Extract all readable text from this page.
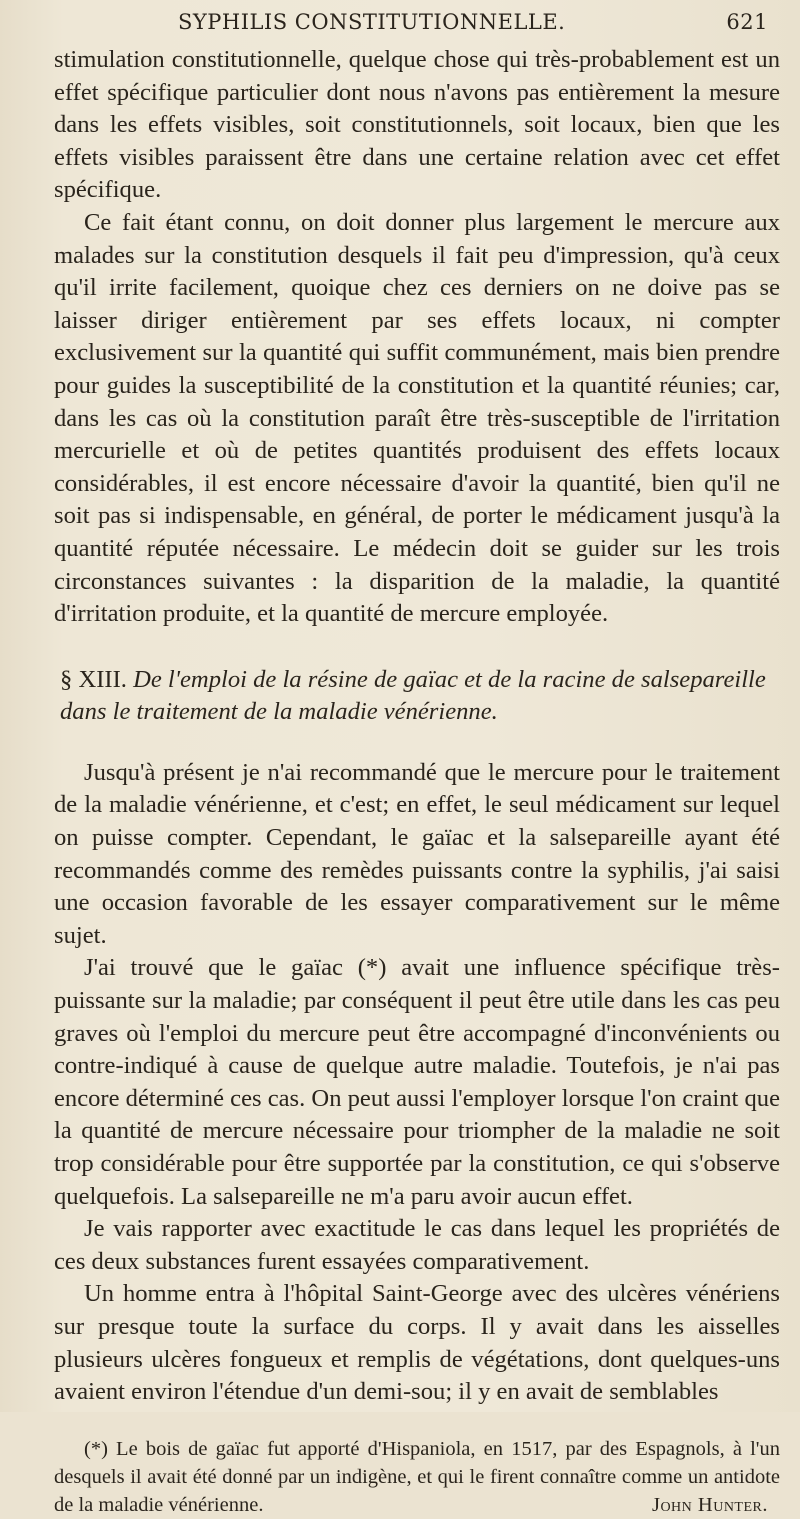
SYPHILIS CONSTITUTIONNELLE.	621

stimulation constitutionnelle, quelque chose qui très-probablement est un effet spécifique particulier dont nous n'avons pas entièrement la mesure dans les effets visibles, soit constitutionnels, soit locaux, bien que les effets visibles paraissent être dans une certaine relation avec cet effet spécifique.

Ce fait étant connu, on doit donner plus largement le mercure aux malades sur la constitution desquels il fait peu d'impression, qu'à ceux qu'il irrite facilement, quoique chez ces derniers on ne doive pas se laisser diriger entièrement par ses effets locaux, ni compter exclusivement sur la quantité qui suffit communément, mais bien prendre pour guides la susceptibilité de la constitution et la quantité réunies; car, dans les cas où la constitution paraît être très-susceptible de l'irritation mercurielle et où de petites quantités produisent des effets locaux considérables, il est encore nécessaire d'avoir la quantité, bien qu'il ne soit pas si indispensable, en général, de porter le médicament jusqu'à la quantité réputée nécessaire. Le médecin doit se guider sur les trois circonstances suivantes : la disparition de la maladie, la quantité d'irritation produite, et la quantité de mercure employée.

§ XIII. De l'emploi de la résine de gaïac et de la racine de salsepareille dans le traitement de la maladie vénérienne.

Jusqu'à présent je n'ai recommandé que le mercure pour le traitement de la maladie vénérienne, et c'est; en effet, le seul médicament sur lequel on puisse compter. Cependant, le gaïac et la salsepareille ayant été recommandés comme des remèdes puissants contre la syphilis, j'ai saisi une occasion favorable de les essayer comparativement sur le même sujet.

J'ai trouvé que le gaïac (*) avait une influence spécifique très-puissante sur la maladie; par conséquent il peut être utile dans les cas peu graves où l'emploi du mercure peut être accompagné d'inconvénients ou contre-indiqué à cause de quelque autre maladie. Toutefois, je n'ai pas encore déterminé ces cas. On peut aussi l'employer lorsque l'on craint que la quantité de mercure nécessaire pour triompher de la maladie ne soit trop considérable pour être supportée par la constitution, ce qui s'observe quelquefois. La salsepareille ne m'a paru avoir aucun effet.

Je vais rapporter avec exactitude le cas dans lequel les propriétés de ces deux substances furent essayées comparativement.

Un homme entra à l'hôpital Saint-George avec des ulcères vénériens sur presque toute la surface du corps. Il y avait dans les aisselles plusieurs ulcères fongueux et remplis de végétations, dont quelques-uns avaient environ l'étendue d'un demi-sou; il y en avait de semblables

(*) Le bois de gaïac fut apporté d'Hispaniola, en 1517, par des Espagnols, à l'un desquels il avait été donné par un indigène, et qui le firent connaître comme un antidote de la maladie vénérienne.	John Hunter.
